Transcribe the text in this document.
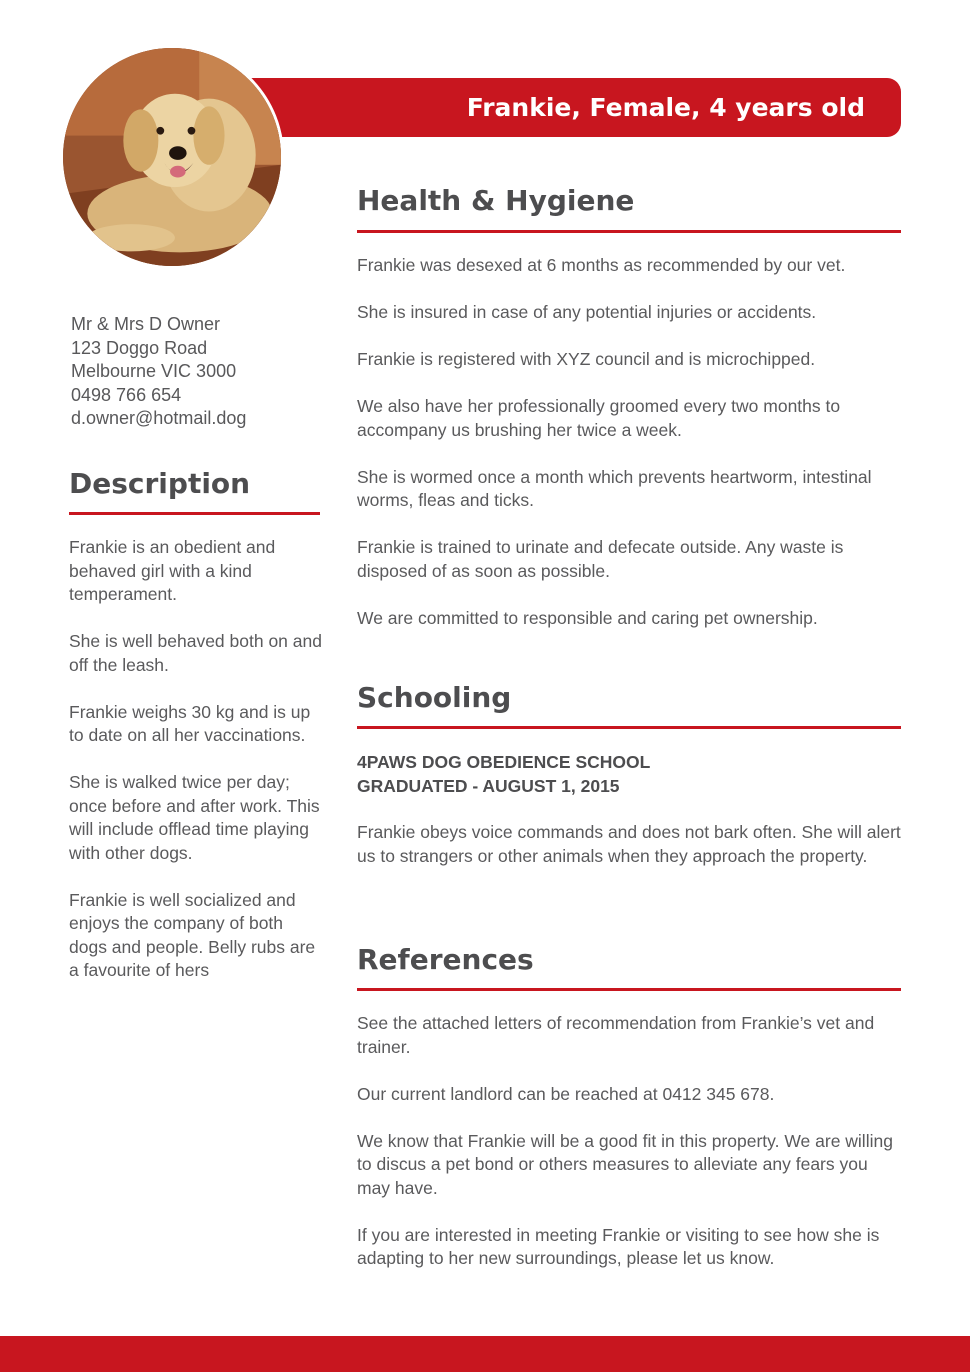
Frankie, Female, 4 years old
Mr & Mrs D Owner
123 Doggo Road
Melbourne VIC 3000
0498 766 654
d.owner@hotmail.dog
Description

Frankie is an obedient and behaved girl with a kind temperament.

She is well behaved both on and off the leash.

Frankie weighs 30 kg and is up to date on all her vaccinations.

She is walked twice per day; once before and after work. This will include offlead time playing with other dogs.

Frankie is well socialized and enjoys the company of both dogs and people. Belly rubs are a favourite of hers

Health & Hygiene

Frankie was desexed at 6 months as recommended by our vet.

She is insured in case of any potential injuries or accidents.

Frankie is registered with XYZ council and is microchipped.

We also have her professionally groomed every two months to accompany us brushing her twice a week.

She is wormed once a month which prevents heartworm, intestinal worms, fleas and ticks.

Frankie is trained to urinate and defecate outside. Any waste is disposed of as soon as possible.

We are committed to responsible and caring pet ownership.

Schooling
4PAWS DOG OBEDIENCE SCHOOL
GRADUATED - AUGUST 1, 2015

Frankie obeys voice commands and does not bark often. She will alert us to strangers or other animals when they approach the property.

References

See the attached letters of recommendation from Frankie’s vet and trainer.

Our current landlord can be reached at 0412 345 678.

We know that Frankie will be a good fit in this property. We are willing to discus a pet bond or others measures to alleviate any fears you may have.

If you are interested in meeting Frankie or visiting to see how she is adapting to her new surroundings, please let us know.
